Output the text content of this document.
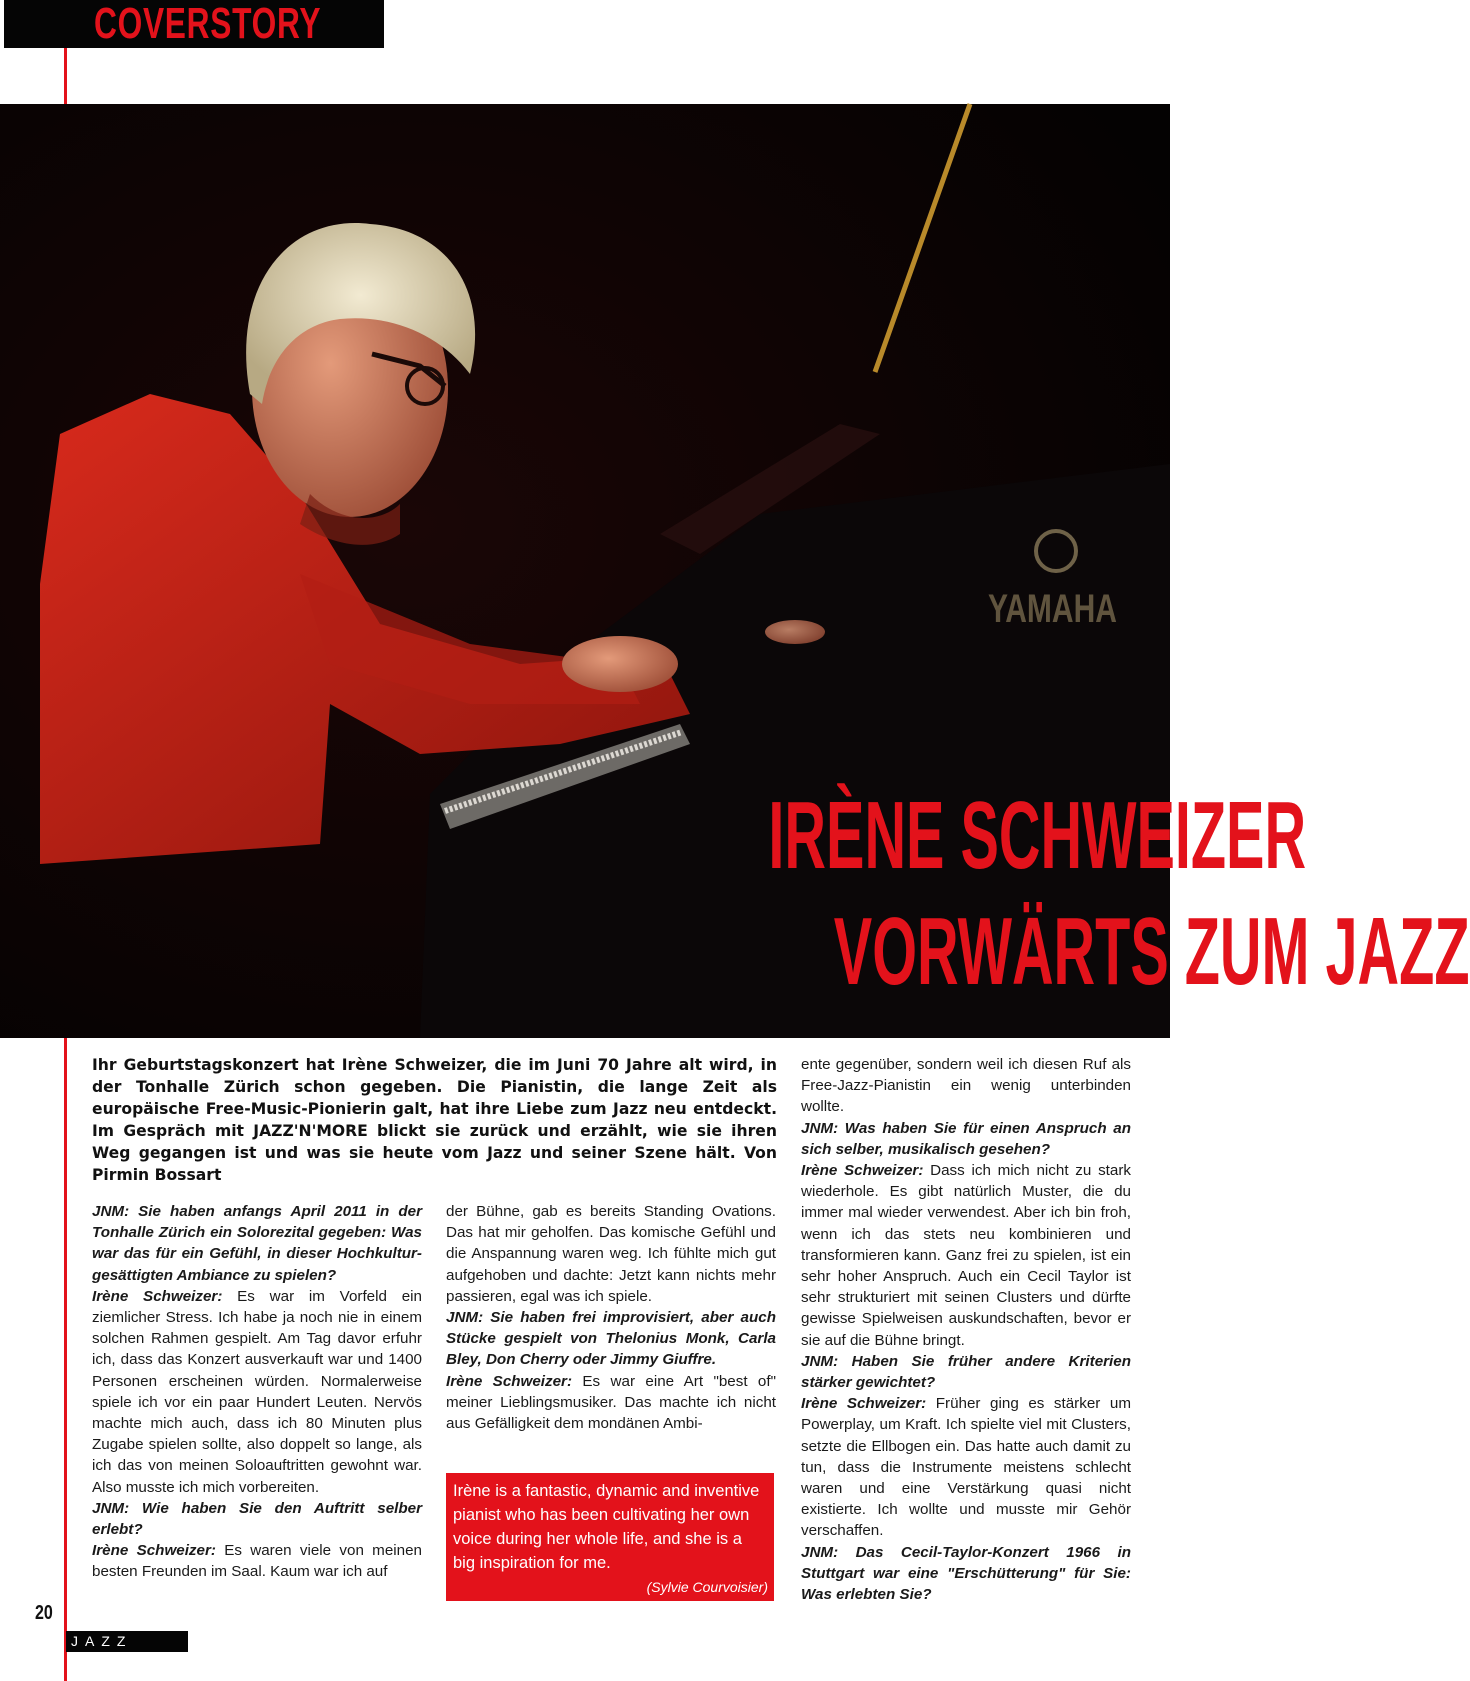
COVERSTORY
YAMAHA
IRÈNE SCHWEIZER
VORWÄRTS ZUM JAZZ
Ihr Geburtstagskonzert hat Irène Schweizer, die im Juni 70 Jahre alt wird, in der Tonhalle Zürich schon gegeben. Die Pianistin, die lange Zeit als europäische Free-Music-Pionierin galt, hat ihre Liebe zum Jazz neu entdeckt. Im Gespräch mit JAZZ'N'MORE blickt sie zurück und erzählt, wie sie ihren Weg gegangen ist und was sie heute vom Jazz und seiner Szene hält. Von Pirmin Bossart

JNM: Sie haben anfangs April 2011 in der Tonhalle Zürich ein Solorezital gegeben: Was war das für ein Gefühl, in dieser Hochkultur-gesättigten Ambiance zu spielen?

Irène Schweizer: Es war im Vorfeld ein ziemlicher Stress. Ich habe ja noch nie in einem solchen Rahmen gespielt. Am Tag davor erfuhr ich, dass das Konzert ausverkauft war und 1400 Personen erscheinen würden. Normalerweise spiele ich vor ein paar Hundert Leuten. Nervös machte mich auch, dass ich 80 Minuten plus Zugabe spielen sollte, also doppelt so lange, als ich das von meinen Soloauftritten gewohnt war. Also musste ich mich vorbereiten.

JNM: Wie haben Sie den Auftritt selber erlebt?

Irène Schweizer: Es waren viele von meinen besten Freunden im Saal. Kaum war ich auf

der Bühne, gab es bereits Standing Ovations. Das hat mir geholfen. Das komische Gefühl und die Anspannung waren weg. Ich fühlte mich gut aufgehoben und dachte: Jetzt kann nichts mehr passieren, egal was ich spiele.

JNM: Sie haben frei improvisiert, aber auch Stücke gespielt von Thelonius Monk, Carla Bley, Don Cherry oder Jimmy Giuffre.

Irène Schweizer: Es war eine Art "best of" meiner Lieblingsmusiker. Das machte ich nicht aus Gefälligkeit dem mondänen Ambi-

Irène is a fantastic, dynamic and inventive pianist who has been cultivating her own voice during her whole life, and she is a big inspiration for me.
(Sylvie Courvoisier)

ente gegenüber, sondern weil ich diesen Ruf als Free-Jazz-Pianistin ein wenig unterbinden wollte.

JNM: Was haben Sie für einen Anspruch an sich selber, musikalisch gesehen?

Irène Schweizer: Dass ich mich nicht zu stark wiederhole. Es gibt natürlich Muster, die du immer mal wieder verwendest. Aber ich bin froh, wenn ich das stets neu kombinieren und transformieren kann. Ganz frei zu spielen, ist ein sehr hoher Anspruch. Auch ein Cecil Taylor ist sehr strukturiert mit seinen Clusters und dürfte gewisse Spielweisen auskundschaften, bevor er sie auf die Bühne bringt.

JNM: Haben Sie früher andere Kriterien stärker gewichtet?

Irène Schweizer: Früher ging es stärker um Powerplay, um Kraft. Ich spielte viel mit Clusters, setzte die Ellbogen ein. Das hatte auch damit zu tun, dass die Instrumente meistens schlecht waren und eine Verstärkung quasi nicht existierte. Ich wollte und musste mir Gehör verschaffen.

JNM: Das Cecil-Taylor-Konzert 1966 in Stuttgart war eine "Erschütterung" für Sie: Was erlebten Sie?

20
JAZZ
